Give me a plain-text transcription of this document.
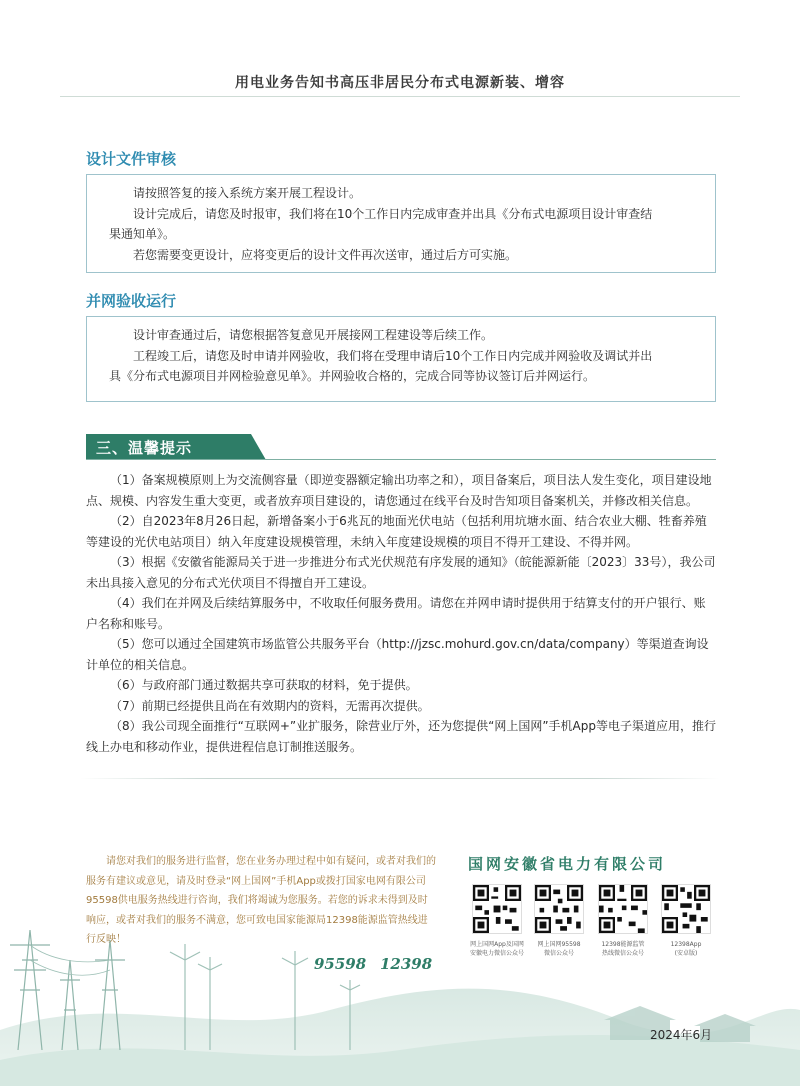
用电业务告知书高压非居民分布式电源新装、增容
设计文件审核

请按照答复的接入系统方案开展工程设计。

设计完成后，请您及时报审，我们将在10个工作日内完成审查并出具《分布式电源项目设计审查结

果通知单》。

若您需要变更设计，应将变更后的设计文件再次送审，通过后方可实施。

并网验收运行

设计审查通过后，请您根据答复意见开展接网工程建设等后续工作。

工程竣工后，请您及时申请并网验收，我们将在受理申请后10个工作日内完成并网验收及调试并出

具《分布式电源项目并网检验意见单》。并网验收合格的，完成合同等协议签订后并网运行。

三、温馨提示

（1）备案规模原则上为交流侧容量（即逆变器额定输出功率之和），项目备案后，项目法人发生变化，项目建设地点、规模、内容发生重大变更，或者放弃项目建设的，请您通过在线平台及时告知项目备案机关，并修改相关信息。

（2）自2023年8月26日起，新增备案小于6兆瓦的地面光伏电站（包括利用坑塘水面、结合农业大棚、牲畜养殖等建设的光伏电站项目）纳入年度建设规模管理，未纳入年度建设规模的项目不得开工建设、不得并网。

（3）根据《安徽省能源局关于进一步推进分布式光伏规范有序发展的通知》（皖能源新能〔2023〕33号），我公司未出具接入意见的分布式光伏项目不得擅自开工建设。

（4）我们在并网及后续结算服务中，不收取任何服务费用。请您在并网申请时提供用于结算支付的开户银行、账户名称和账号。

（5）您可以通过全国建筑市场监管公共服务平台（http://jzsc.mohurd.gov.cn/data/company）等渠道查询设计单位的相关信息。

（6）与政府部门通过数据共享可获取的材料，免于提供。

（7）前期已经提供且尚在有效期内的资料，无需再次提供。

（8）我公司现全面推行“互联网+”业扩服务，除营业厅外，还为您提供“网上国网”手机App等电子渠道应用，推行线上办电和移动作业，提供进程信息订制推送服务。

请您对我们的服务进行监督，您在业务办理过程中如有疑问，或者对我们的服务有建议或意见，请及时登录“网上国网”手机App或拨打国家电网有限公司95598供电服务热线进行咨询，我们将竭诚为您服务。若您的诉求未得到及时响应，或者对我们的服务不满意，您可致电国家能源局12398能源监管热线进行反映！

95598 12398
国网安徽省电力有限公司
网上国网App及国网
安徽电力微信公众号
网上国网95598
微信公众号
12398能源监管
热线微信公众号
12398App
(安卓版)
2024年6月
